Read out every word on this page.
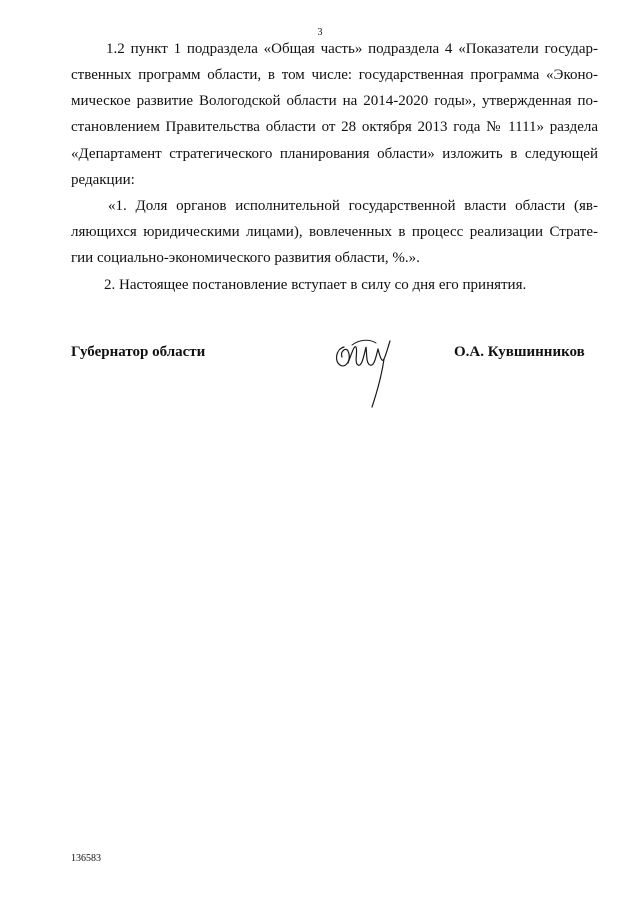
3
1.2 пункт 1 подраздела «Общая часть» подраздела 4 «Показатели государ-
ственных программ области, в том числе: государственная программа «Эконо-
мическое развитие Вологодской области на 2014-2020 годы», утвержденная по-
становлением Правительства области от 28 октября 2013 года № 1111» раздела
«Департамент стратегического планирования области» изложить в следующей
редакции:
«1. Доля органов исполнительной государственной власти области (яв-
ляющихся юридическими лицами), вовлеченных в процесс реализации Страте-
гии социально-экономического развития области, %.».
2. Настоящее постановление вступает в силу со дня его принятия.
Губернатор области	О.А. Кувшинников
136583
